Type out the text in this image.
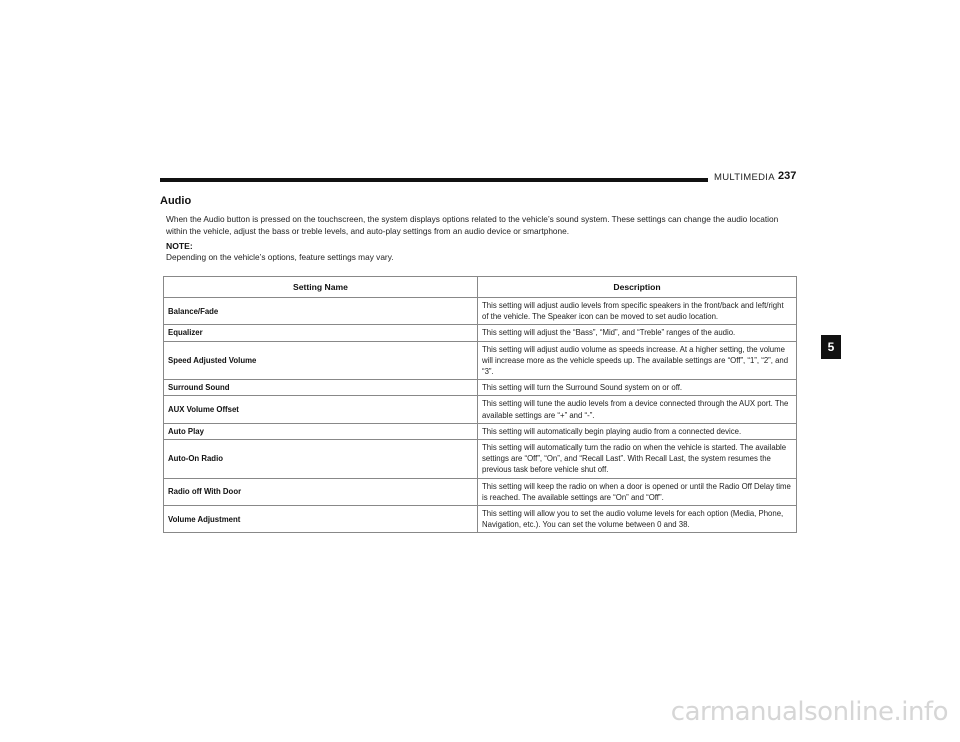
MULTIMEDIA 237
5
Audio
When the Audio button is pressed on the touchscreen, the system displays options related to the vehicle’s sound system. These settings can change the audio location within the vehicle, adjust the bass or treble levels, and auto-play settings from an audio device or smartphone.
NOTE:
Depending on the vehicle’s options, feature settings may vary.
Setting Name	Description
Balance/Fade	This setting will adjust audio levels from specific speakers in the front/back and left/right of the vehicle. The Speaker icon can be moved to set audio location.
Equalizer	This setting will adjust the “Bass”, “Mid”, and “Treble” ranges of the audio.
Speed Adjusted Volume	This setting will adjust audio volume as speeds increase. At a higher setting, the volume will increase more as the vehicle speeds up. The available settings are “Off”, “1”, “2”, and “3”.
Surround Sound	This setting will turn the Surround Sound system on or off.
AUX Volume Offset	This setting will tune the audio levels from a device connected through the AUX port. The available settings are “+” and “-”.
Auto Play	This setting will automatically begin playing audio from a connected device.
Auto-On Radio	This setting will automatically turn the radio on when the vehicle is started. The available settings are “Off”, “On”, and “Recall Last”. With Recall Last, the system resumes the previous task before vehicle shut off.
Radio off With Door	This setting will keep the radio on when a door is opened or until the Radio Off Delay time is reached. The available settings are “On” and “Off”.
Volume Adjustment	This setting will allow you to set the audio volume levels for each option (Media, Phone, Navigation, etc.). You can set the volume between 0 and 38.
carmanualsonline.info
